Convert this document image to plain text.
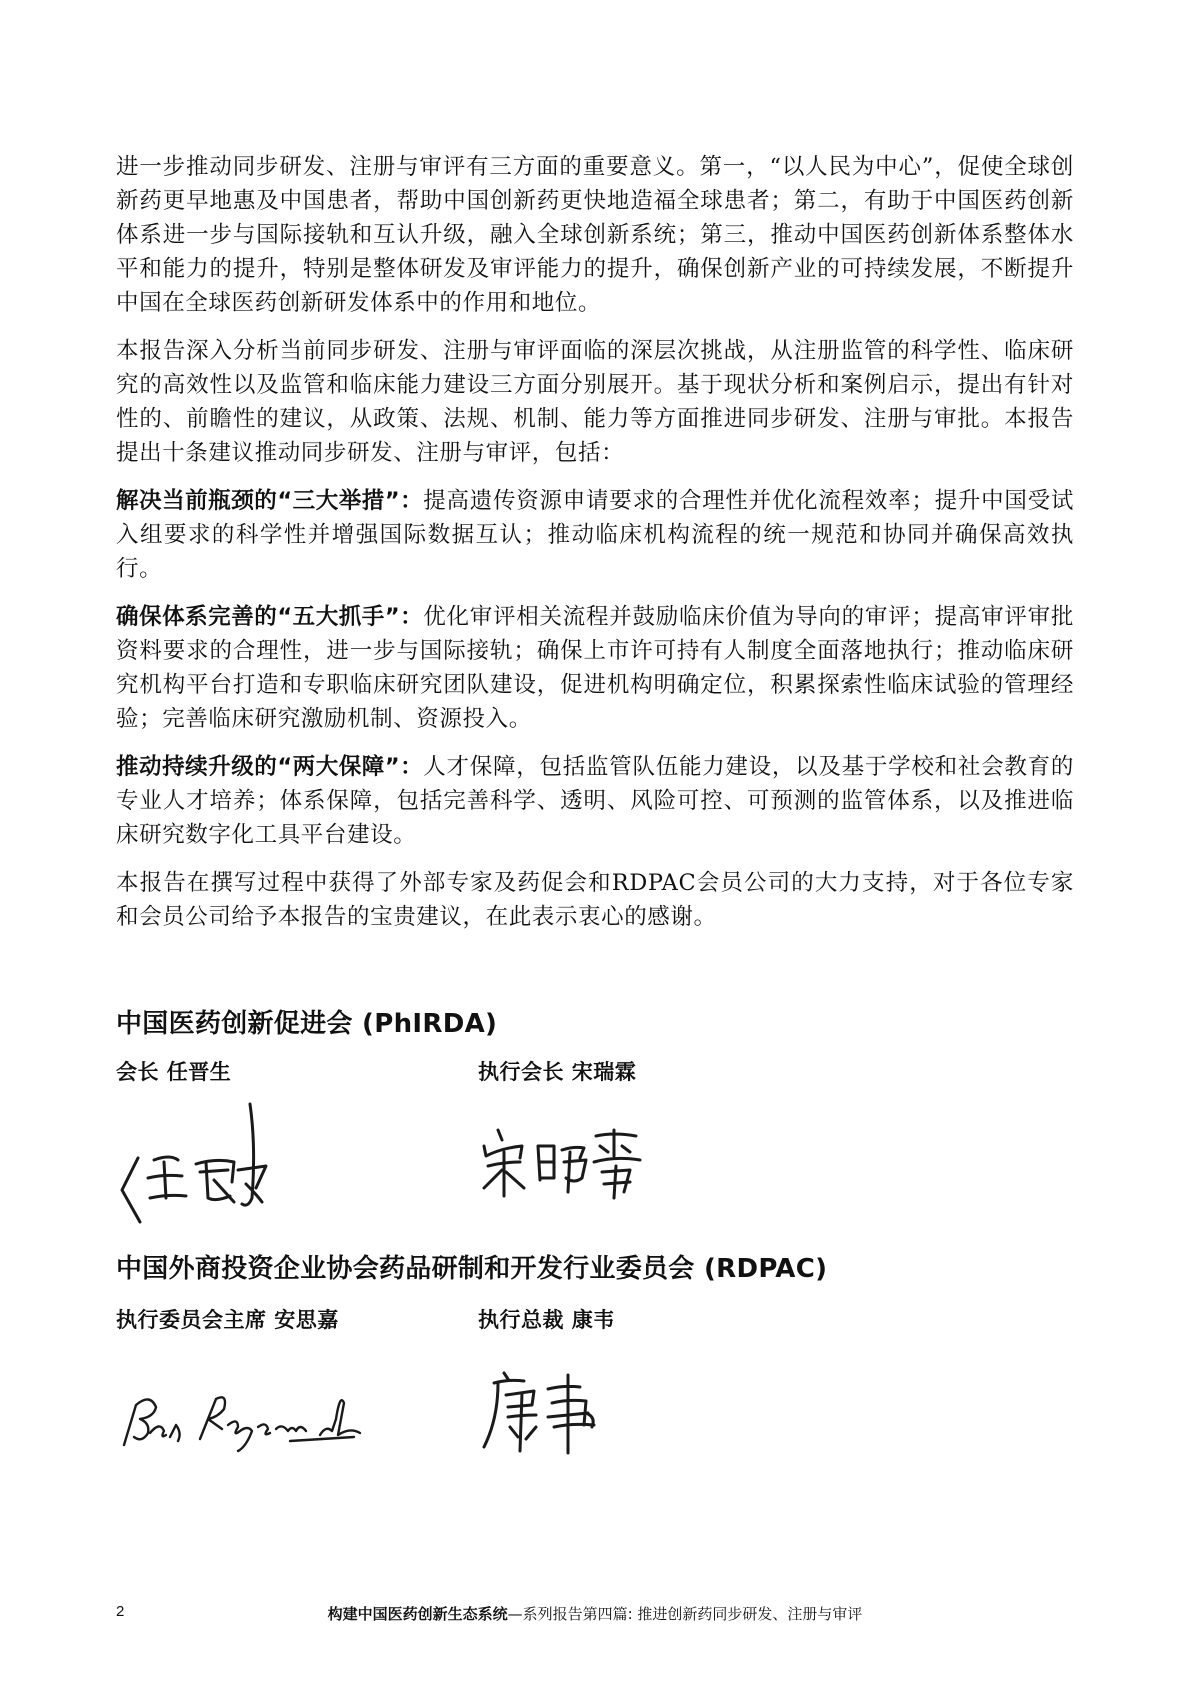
进一步推动同步研发、注册与审评有三方面的重要意义。第一，“以人民为中心”，促使全球创新药更早地惠及中国患者，帮助中国创新药更快地造福全球患者；第二，有助于中国医药创新体系进一步与国际接轨和互认升级，融入全球创新系统；第三，推动中国医药创新体系整体水平和能力的提升，特别是整体研发及审评能力的提升，确保创新产业的可持续发展，不断提升中国在全球医药创新研发体系中的作用和地位。

本报告深入分析当前同步研发、注册与审评面临的深层次挑战，从注册监管的科学性、临床研究的高效性以及监管和临床能力建设三方面分别展开。基于现状分析和案例启示，提出有针对性的、前瞻性的建议，从政策、法规、机制、能力等方面推进同步研发、注册与审批。本报告提出十条建议推动同步研发、注册与审评，包括：

解决当前瓶颈的“三大举措”：提高遗传资源申请要求的合理性并优化流程效率；提升中国受试入组要求的科学性并增强国际数据互认；推动临床机构流程的统一规范和协同并确保高效执行。

确保体系完善的“五大抓手”：优化审评相关流程并鼓励临床价值为导向的审评；提高审评审批资料要求的合理性，进一步与国际接轨；确保上市许可持有人制度全面落地执行；推动临床研究机构平台打造和专职临床研究团队建设，促进机构明确定位，积累探索性临床试验的管理经验；完善临床研究激励机制、资源投入。

推动持续升级的“两大保障”：人才保障，包括监管队伍能力建设，以及基于学校和社会教育的专业人才培养；体系保障，包括完善科学、透明、风险可控、可预测的监管体系，以及推进临床研究数字化工具平台建设。

本报告在撰写过程中获得了外部专家及药促会和RDPAC会员公司的大力支持，对于各位专家和会员公司给予本报告的宝贵建议，在此表示衷心的感谢。

中国医药创新促进会 (PhIRDA)
会长 任晋生	执行会长 宋瑞霖
中国外商投资企业协会药品研制和开发行业委员会 (RDPAC)
执行委员会主席 安思嘉	执行总裁 康韦
2	构建中国医药创新生态系统—系列报告第四篇: 推进创新药同步研发、注册与审评
